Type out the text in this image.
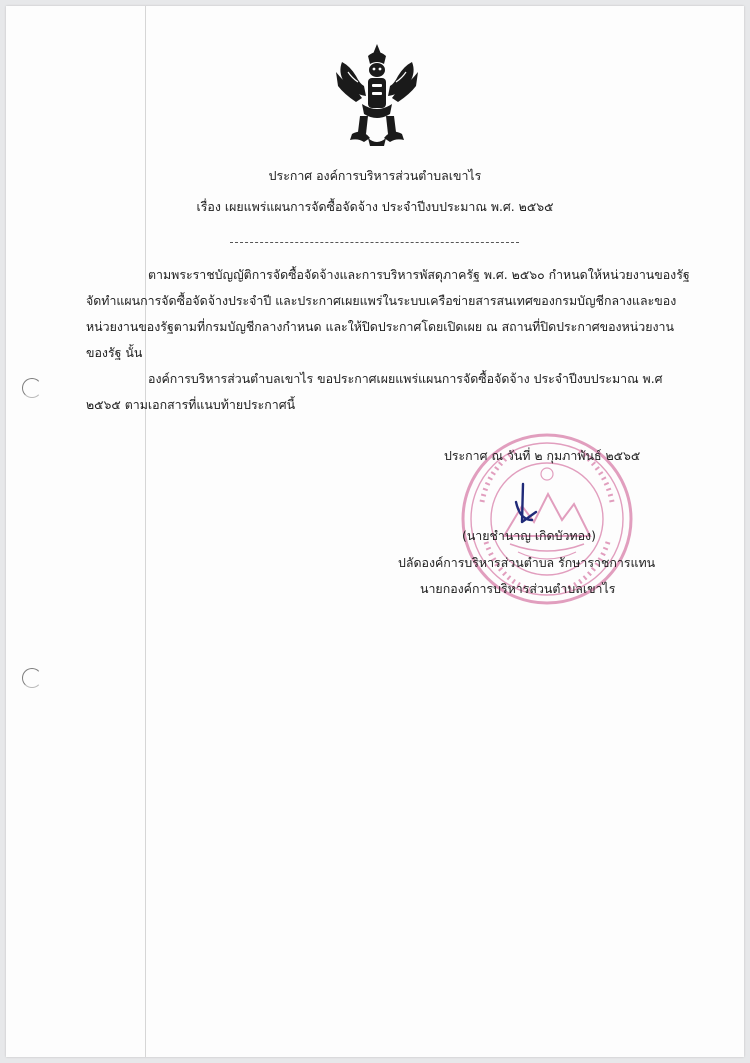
ประกาศ องค์การบริหารส่วนตำบลเขาไร
เรื่อง เผยแพร่แผนการจัดซื้อจัดจ้าง ประจำปีงบประมาณ พ.ศ. ๒๕๖๕
ตามพระราชบัญญัติการจัดซื้อจัดจ้างและการบริหารพัสดุภาครัฐ พ.ศ. ๒๕๖๐ กำหนดให้หน่วยงานของรัฐ
จัดทำแผนการจัดซื้อจัดจ้างประจำปี และประกาศเผยแพร่ในระบบเครือข่ายสารสนเทศของกรมบัญชีกลางและของ
หน่วยงานของรัฐตามที่กรมบัญชีกลางกำหนด และให้ปิดประกาศโดยเปิดเผย ณ สถานที่ปิดประกาศของหน่วยงาน
ของรัฐ นั้น
องค์การบริหารส่วนตำบลเขาไร ขอประกาศเผยแพร่แผนการจัดซื้อจัดจ้าง ประจำปีงบประมาณ พ.ศ
๒๕๖๕ ตามเอกสารที่แนบท้ายประกาศนี้
ประกาศ ณ วันที่ ๒ กุมภาพันธ์ ๒๕๖๕
(นายชำนาญ เกิดบัวทอง)
ปลัดองค์การบริหารส่วนตำบล รักษาราชการแทน
นายกองค์การบริหารส่วนตำบลเขาไร
